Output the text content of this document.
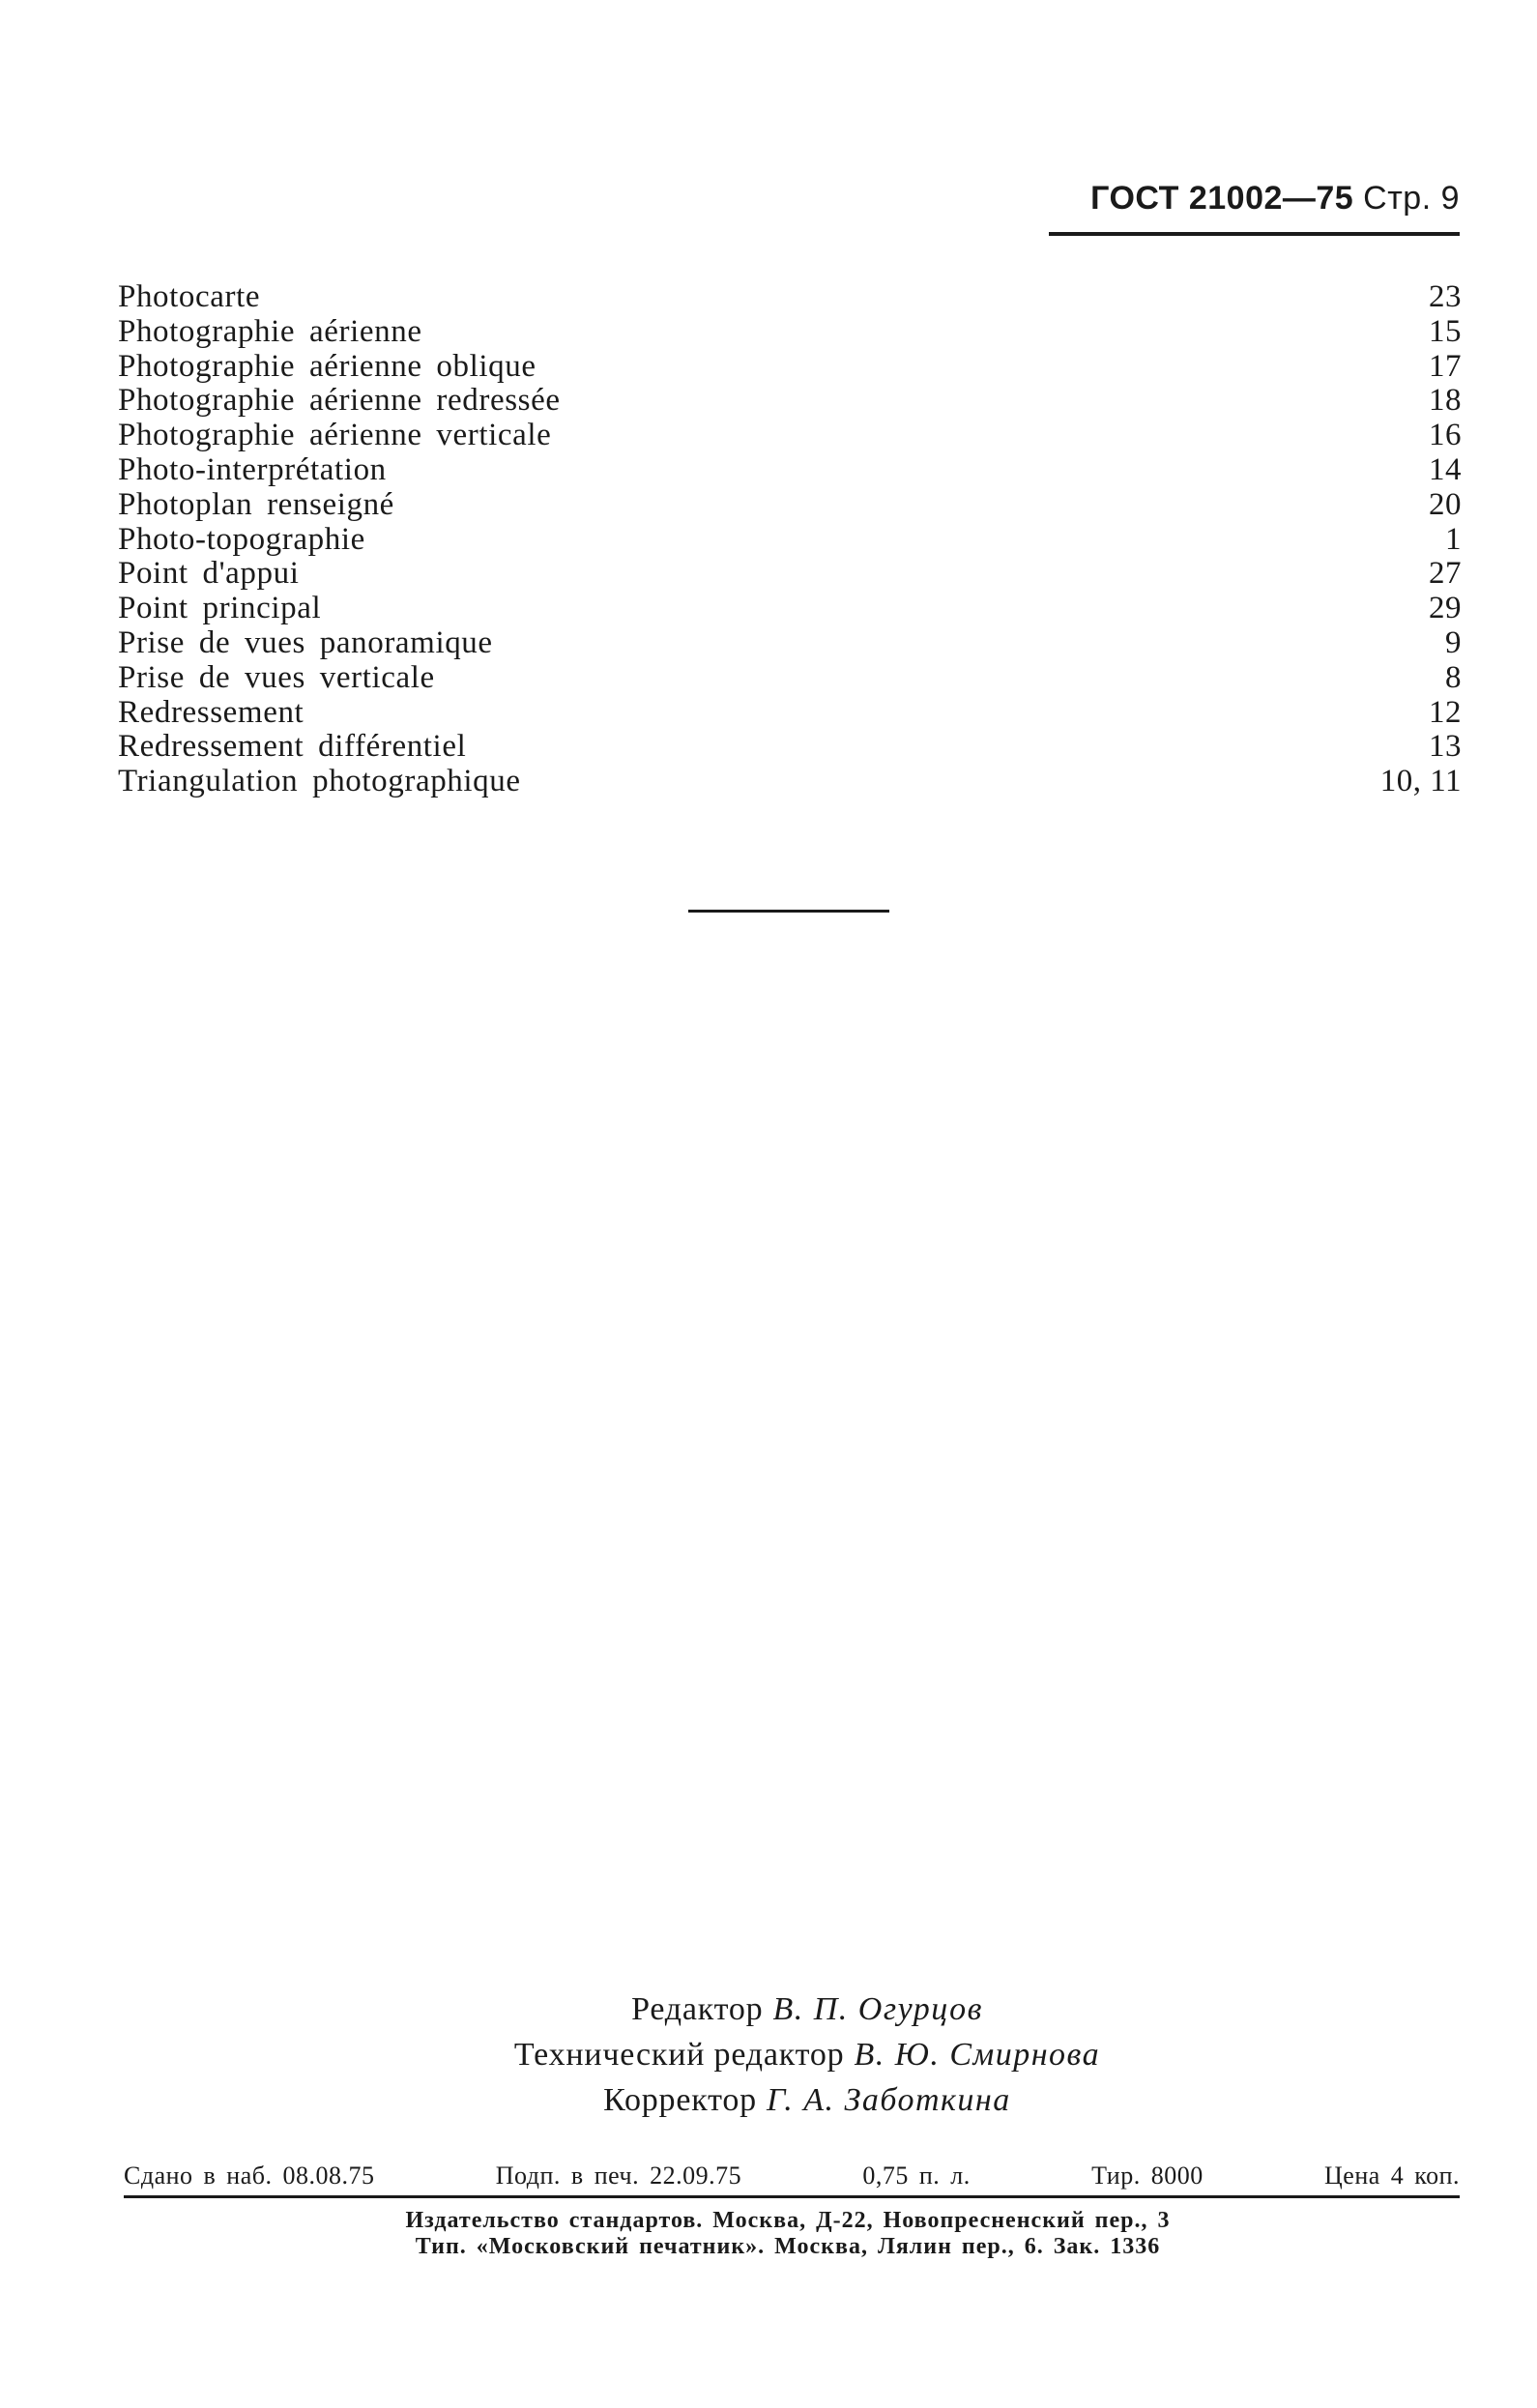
ГОСТ 21002—75 Стр. 9
Photocarte	23
Photographie aérienne	15
Photographie aérienne oblique	17
Photographie aérienne redressée	18
Photographie aérienne verticale	16
Photo-interprétation	14
Photoplan renseigné	20
Photo-topographie	1
Point d'appui	27
Point principal	29
Prise de vues panoramique	9
Prise de vues verticale	8
Redressement	12
Redressement différentiel	13
Triangulation photographique	10, 11
Редактор В. П. Огурцов
Технический редактор В. Ю. Смирнова
Корректор Г. А. Заботкина
Сдано в наб. 08.08.75	Подп. в печ. 22.09.75	0,75 п. л.	Тир. 8000	Цена 4 коп.
Издательство стандартов. Москва, Д-22, Новопресненский пер., 3
Тип. «Московский печатник». Москва, Лялин пер., 6. Зак. 1336
